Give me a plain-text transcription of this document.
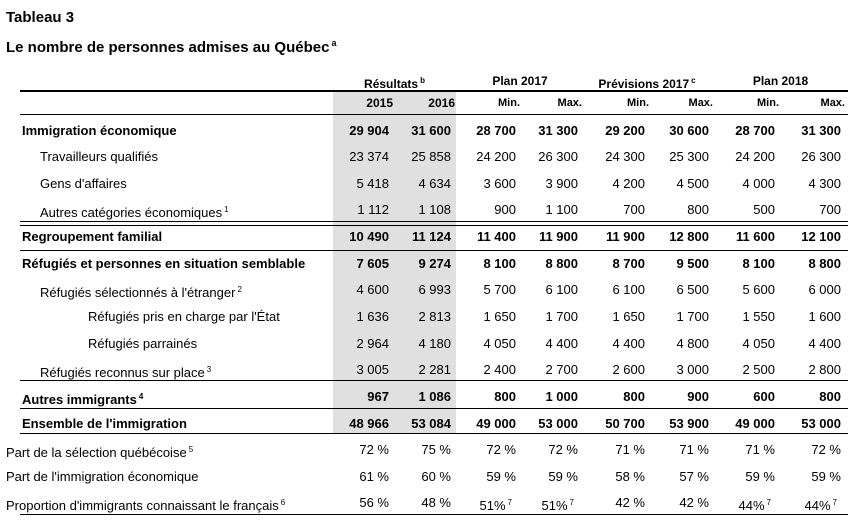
Tableau 3
Le nombre de personnes admises au Québec $^a$
Résultats $^b$	Plan 2017	Prévisions 2017 $^c$	Plan 2018
2015	2016	Min.	Max.	Min.	Max.	Min.	Max.
Immigration économique	29 904	31 600	28 700	31 300	29 200	30 600	28 700	31 300
Travailleurs qualifiés	23 374	25 858	24 200	26 300	24 300	25 300	24 200	26 300
Gens d'affaires	5 418	4 634	3 600	3 900	4 200	4 500	4 000	4 300
Autres catégories économiques $^1$	1 112	1 108	900	1 100	700	800	500	700
Regroupement familial	10 490	11 124	11 400	11 900	11 900	12 800	11 600	12 100
Réfugiés et personnes en situation semblable	7 605	9 274	8 100	8 800	8 700	9 500	8 100	8 800
Réfugiés sélectionnés à l'étranger $^2$	4 600	6 993	5 700	6 100	6 100	6 500	5 600	6 000
Réfugiés pris en charge par l'État	1 636	2 813	1 650	1 700	1 650	1 700	1 550	1 600
Réfugiés parrainés	2 964	4 180	4 050	4 400	4 400	4 800	4 050	4 400
Réfugiés reconnus sur place $^3$	3 005	2 281	2 400	2 700	2 600	3 000	2 500	2 800
Autres immigrants $^4$	967	1 086	800	1 000	800	900	600	800
Ensemble de l'immigration	48 966	53 084	49 000	53 000	50 700	53 900	49 000	53 000
Part de la sélection québécoise $^5$	72 %	75 %	72 %	72 %	71 %	71 %	71 %	72 %
Part de l'immigration économique	61 %	60 %	59 %	59 %	58 %	57 %	59 %	59 %
Proportion d'immigrants connaissant le français $^6$	56 %	48 %	51% $^7$	51% $^7$	42 %	42 %	44% $^7$	44% $^7$
